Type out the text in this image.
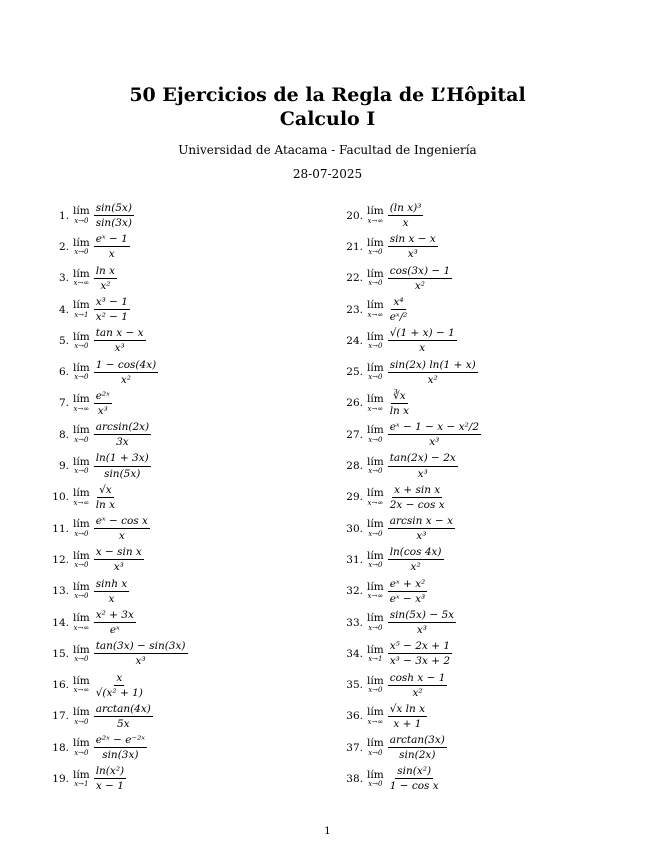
50 Ejercicios de la Regla de L’Hôpital
Calculo I
Universidad de Atacama - Facultad de Ingeniería
28-07-2025
1. lím
$x\to 0 \frac{\sin(5x)}{\sin(3x)}$
2. lím
$x\to 0 \frac{\text{eˣ − 1}}{x}$
3. lím
$x\to\infty \frac{\text{ln x}}{\text{x²}}$
4. lím
$x\to 1 \frac{\text{x³ − 1}}{\text{x² − 1}}$
5. lím
$x\to 0 \frac{\text{tan x − x}}{\text{x³}}$
6. lím
$x\to 0 \frac{1 - \cos(4x)}{\text{x²}}$
7. lím
$x\to\infty \frac{\text{e²ˣ}}{\text{x³}}$
8. lím
$x\to 0 \frac{\arcsin(2x)}{3x}$
9. lím
$x\to 0 \frac{\ln(1 + 3x)}{\sin(5x)}$
10. lím
$x\to\infty \frac{√x}{\text{ln x}}$
11. lím
$x\to 0 \frac{\text{eˣ − cos x}}{x}$
12. lím
$x\to 0 \frac{\text{x − sin x}}{\text{x³}}$
13. lím
$x\to 0 \frac{\text{sinh x}}{x}$
14. lím
$x\to\infty \frac{\text{x² + 3x}}{\text{eˣ}}$
15. lím
$x\to 0 \frac{\tan(3x) - \sin(3x)}{\text{x³}}$
16. lím
$x\to\infty \frac{x}{\text{√(x² + 1)}}$
17. lím
$x\to 0 \frac{\arctan(4x)}{5x}$
18. lím
$x\to 0 \frac{\text{e²ˣ − e⁻²ˣ}}{\sin(3x)}$
19. lím
$x\to 1 \frac{\text{ln(x²)}}{x - 1}$
20. lím
$x\to\infty \frac{\text{(ln x)³}}{x}$
21. lím
$x\to 0 \frac{\text{sin x − x}}{\text{x³}}$
22. lím
$x\to 0 \frac{\cos(3x) - 1}{\text{x²}}$
23. lím
$x\to\infty \frac{\text{x⁴}}{\text{eˣ/²}}$
24. lím
$x\to 0 \frac{√(1 + x) - 1}{x}$
25. lím
$x\to 0 \frac{\sin(2x) \ln(1 + x)}{\text{x²}}$
26. lím
$x\to\infty \frac{∛x}{\text{ln x}}$
27. lím
$x\to 0 \frac{\text{eˣ − 1 − x − x²/2}}{\text{x³}}$
28. lím
$x\to 0 \frac{\tan(2x) - 2x}{\text{x³}}$
29. lím
$x\to\infty \frac{\text{x + sin x}}{\text{2x − cos x}}$
30. lím
$x\to 0 \frac{\text{arcsin x − x}}{\text{x³}}$
31. lím
$x\to 0 \frac{\ln(\cos 4x)}{\text{x²}}$
32. lím
$x\to\infty \frac{\text{eˣ + x²}}{\text{eˣ − x³}}$
33. lím
$x\to 0 \frac{\sin(5x) - 5x}{\text{x³}}$
34. lím
$x\to 1 \frac{\text{x⁵ − 2x + 1}}{\text{x³ − 3x + 2}}$
35. lím
$x\to 0 \frac{\text{cosh x − 1}}{\text{x²}}$
36. lím
$x\to\infty \frac{\text{√x ln x}}{x + 1}$
37. lím
$x\to 0 \frac{\arctan(3x)}{\sin(2x)}$
38. lím
$x\to 0 \frac{\text{sin(x²)}}{\text{1 − cos x}}$
1
